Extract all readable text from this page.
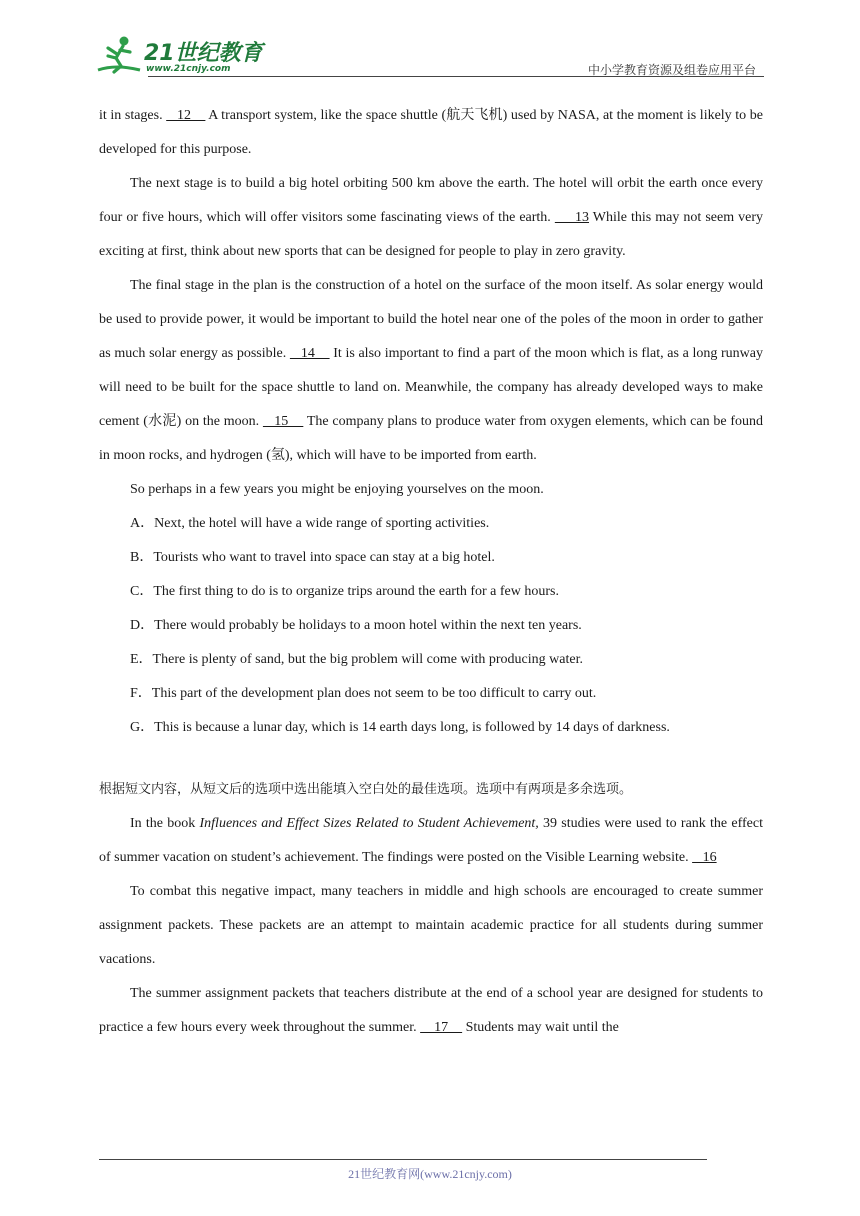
21世纪教育
www.21cnjy.com	中小学教育资源及组卷应用平台

it in stages.    12     A transport system, like the space shuttle (航天飞机) used by NASA, at the moment is likely to be developed for this purpose.

The next stage is to build a big hotel orbiting 500 km above the earth. The hotel will orbit the earth once every four or five hours, which will offer visitors some fascinating views of the earth.      13 While this may not seem very exciting at first, think about new sports that can be designed for people to play in zero gravity.

The final stage in the plan is the construction of a hotel on the surface of the moon itself. As solar energy would be used to provide power, it would be important to build the hotel near one of the poles of the moon in order to gather as much solar energy as possible.    14     It is also important to find a part of the moon which is flat, as a long runway will need to be built for the space shuttle to land on. Meanwhile, the company has already developed ways to make cement (水泥) on the moon.    15     The company plans to produce water from oxygen elements, which can be found in moon rocks, and hydrogen (氢), which will have to be imported from earth.

So perhaps in a few years you might be enjoying yourselves on the moon.

A．Next, the hotel will have a wide range of sporting activities.

B．Tourists who want to travel into space can stay at a big hotel.

C．The first thing to do is to organize trips around the earth for a few hours.

D．There would probably be holidays to a moon hotel within the next ten years.

E．There is plenty of sand, but the big problem will come with producing water.

F．This part of the development plan does not seem to be too difficult to carry out.

G．This is because a lunar day, which is 14 earth days long, is followed by 14 days of darkness.

根据短文内容，从短文后的选项中选出能填入空白处的最佳选项。选项中有两项是多余选项。

In the book Influences and Effect Sizes Related to Student Achievement, 39 studies were used to rank the effect of summer vacation on student’s achievement. The findings were posted on the Visible Learning website.    16

To combat this negative impact, many teachers in middle and high schools are encouraged to create summer assignment packets. These packets are an attempt to maintain academic practice for all students during summer vacations.

The summer assignment packets that teachers distribute at the end of a school year are designed for students to practice a few hours every week throughout the summer.     17     Students may wait until the

21世纪教育网(www.21cnjy.com)
